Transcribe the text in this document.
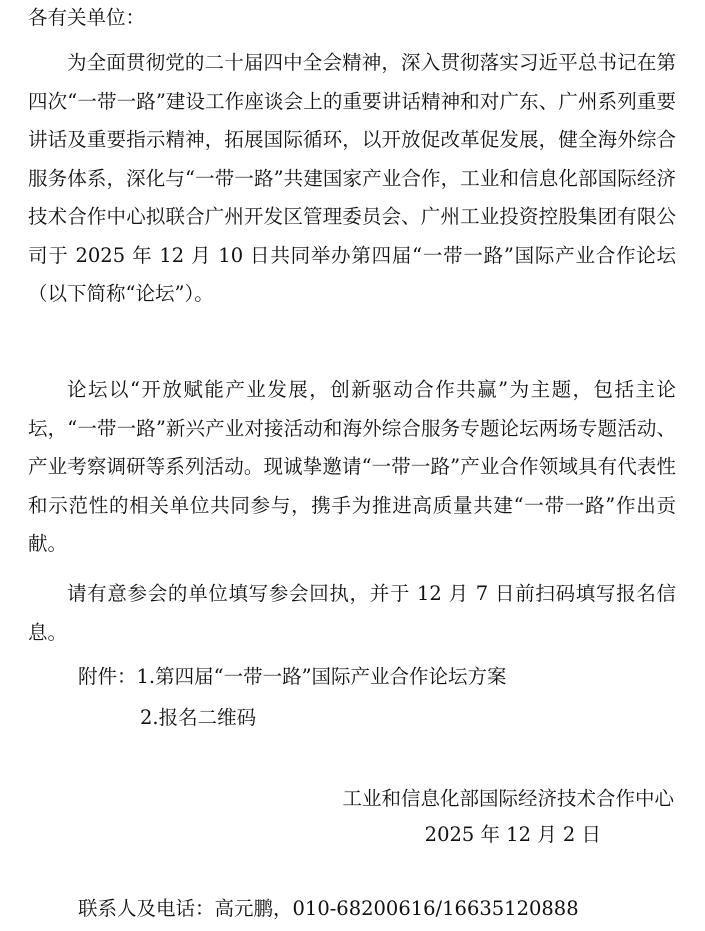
各有关单位：

为全面贯彻党的二十届四中全会精神，深入贯彻落实习近平总书记在第四次“一带一路”建设工作座谈会上的重要讲话精神和对广东、广州系列重要讲话及重要指示精神，拓展国际循环，以开放促改革促发展，健全海外综合服务体系，深化与“一带一路”共建国家产业合作，工业和信息化部国际经济技术合作中心拟联合广州开发区管理委员会、广州工业投资控股集团有限公司于 2025 年 12 月 10 日共同举办第四届“一带一路”国际产业合作论坛（以下简称“论坛”）。

论坛以“开放赋能产业发展，创新驱动合作共赢”为主题，包括主论坛，“一带一路”新兴产业对接活动和海外综合服务专题论坛两场专题活动、产业考察调研等系列活动。现诚挚邀请“一带一路”产业合作领域具有代表性和示范性的相关单位共同参与，携手为推进高质量共建“一带一路”作出贡献。

请有意参会的单位填写参会回执，并于 12 月 7 日前扫码填写报名信息。

附件：1.第四届“一带一路”国际产业合作论坛方案
2.报名二维码
工业和信息化部国际经济技术合作中心
2025 年 12 月 2 日
联系人及电话：高元鹏，010-68200616/16635120888
